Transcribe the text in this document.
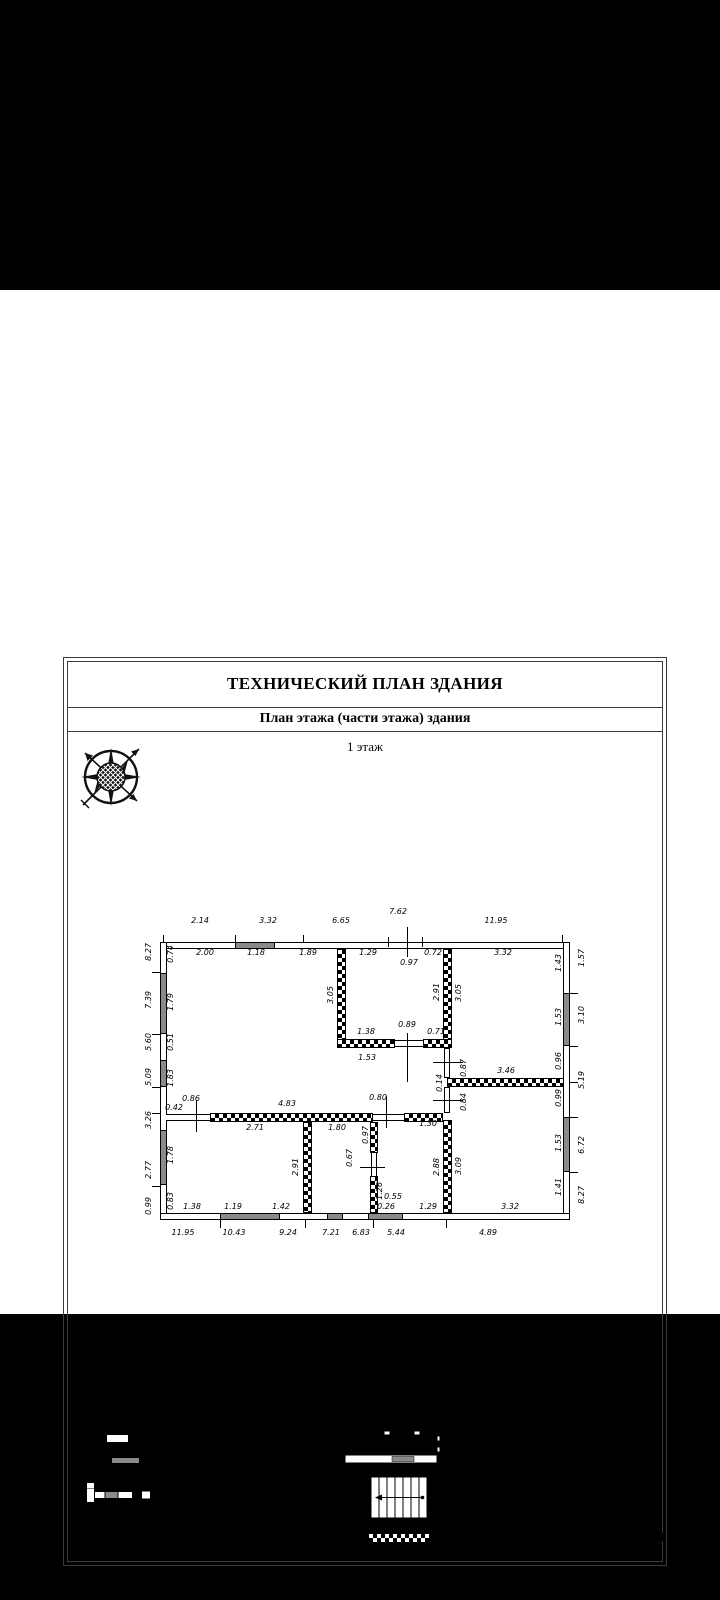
ТЕХНИЧЕСКИЙ ПЛАН ЗДАНИЯ
План этажа (части этажа) здания
1 этаж
2.14	3.32	6.65
7.62
11.95
2.00	1.18	1.89	1.29
0.97
0.72	3.32
8.27
7.39
5.60
5.09
3.26
2.77
0.99
0.74
1.79
0.51
1.83
1.78
0.83
1.57
3.10
5.19
6.72
8.27
1.43
1.53
0.96
0.99
1.53
1.41
1.38	1.19	1.42	0.26
0.55
1.29	3.32
11.95	10.43	9.24	7.21 6.83 5.44	4.89
3.05	2.91 3.05
1.38
0.89
0.71
1.53
0.87
0.14
3.46
0.84
0.42
0.86
4.83
0.80
2.71	1.80	1.30
0.97
2.91
0.67
2.88 3.09
1.26
Условные обозначения и знаки
для оформления графической части технического плана
- обозначение двери
- обозначение окна
- стена с окном и дверью
- Терраса
- Лестница
- перегородка Масштаб 1:100
